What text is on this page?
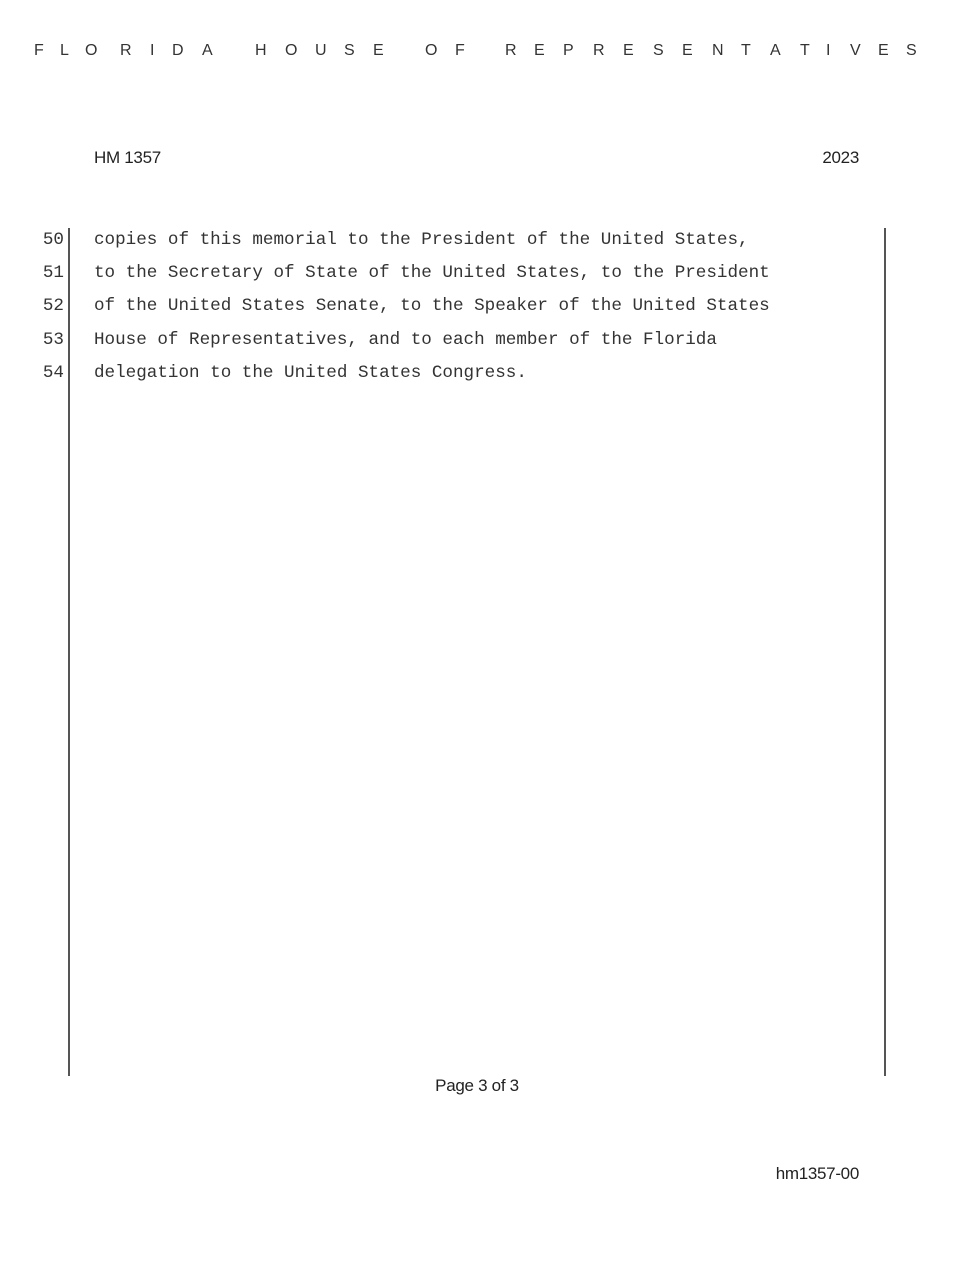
F L O R I D A	H O U S E	O F	R E P R E S E N T A T I V E S
HM 1357	2023

50

copies of this memorial to the President of the United States,

51

to the Secretary of State of the United States, to the President

52

of the United States Senate, to the Speaker of the United States

53

House of Representatives, and to each member of the Florida

54

delegation to the United States Congress.

Page 3 of 3
hm1357-00
